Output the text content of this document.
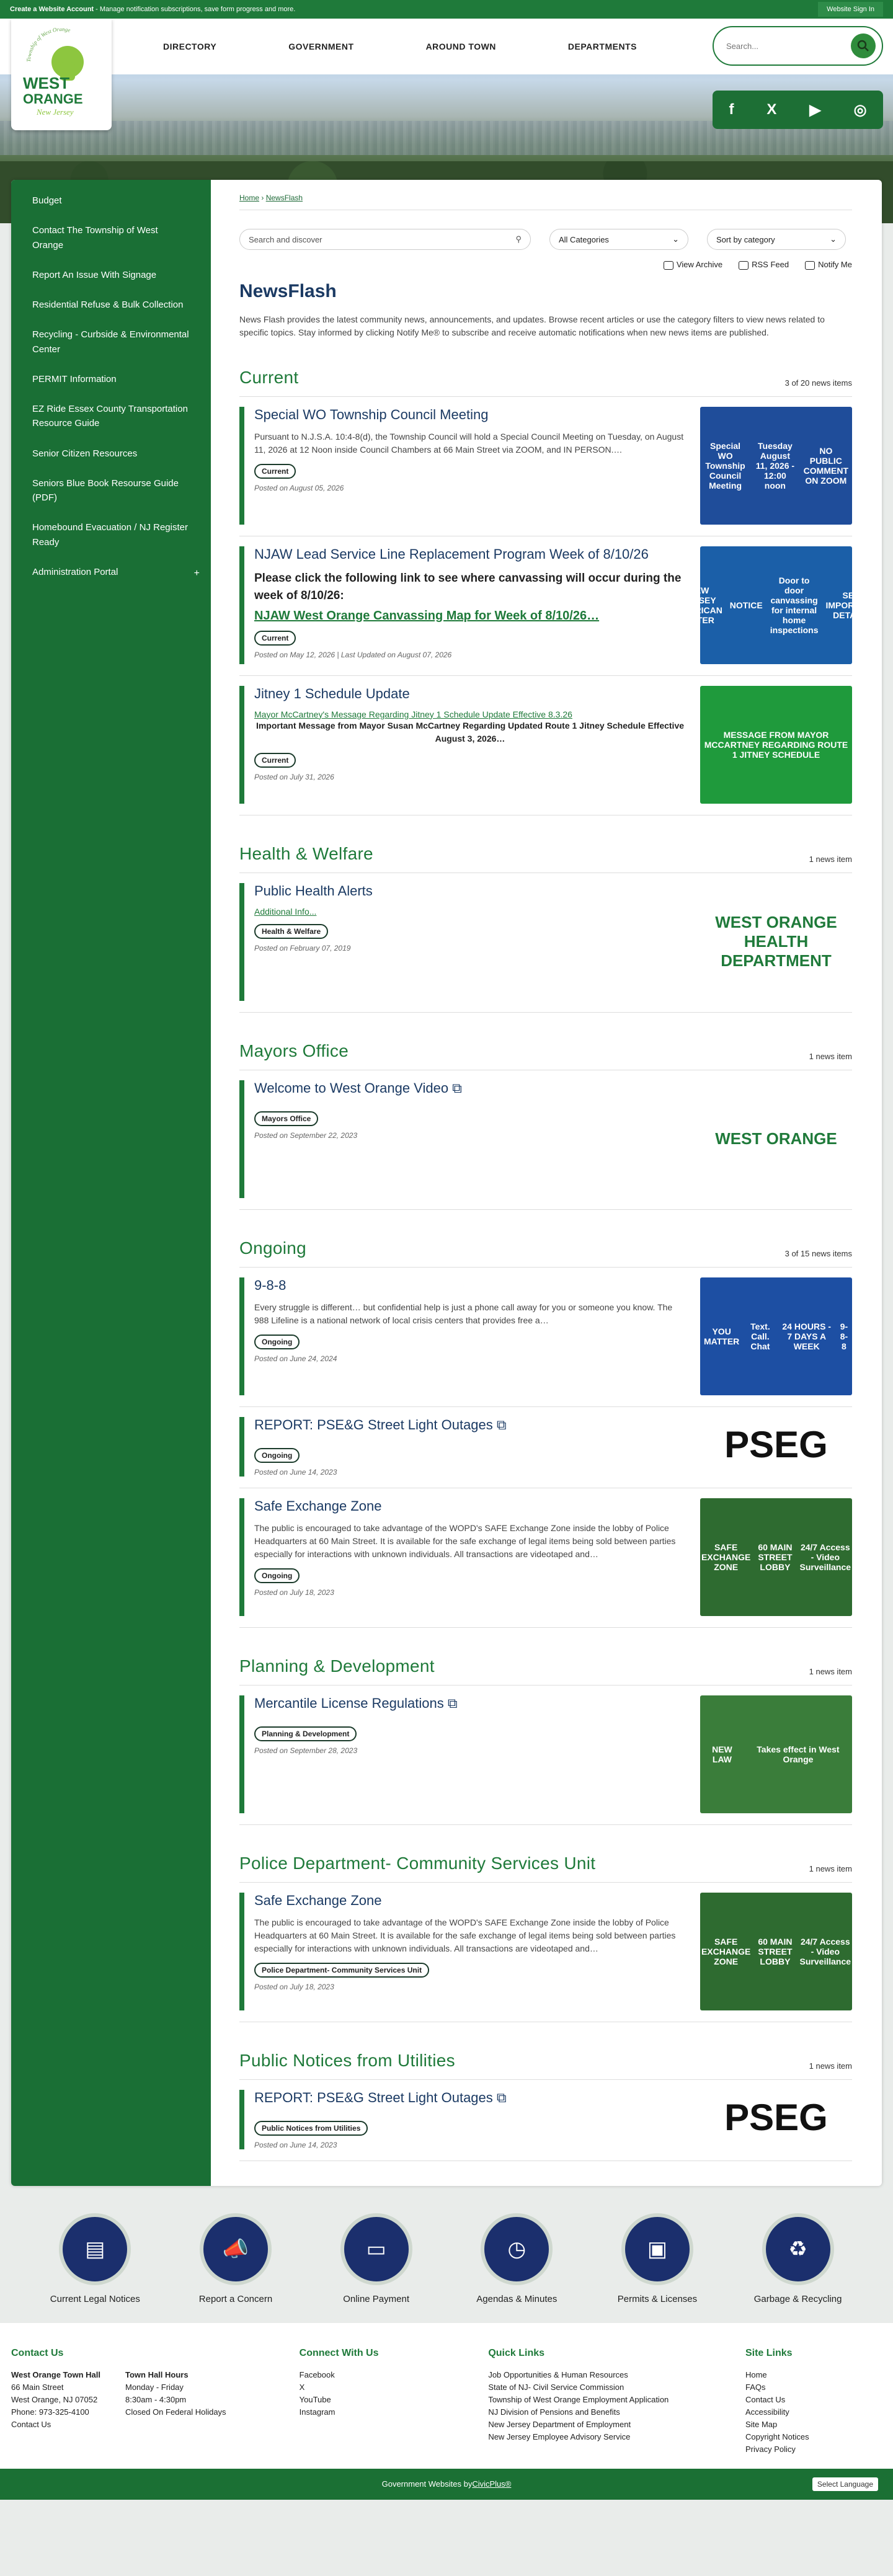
Create a Website Account - Manage notification subscriptions, save form progress and more.	Website Sign In
DIRECTORY	GOVERNMENT	AROUND TOWN	DEPARTMENTS
Township of West Orange
WEST
ORANGE
New Jersey
Search...	f X ▶ ◎
Budget
Contact The Township of West Orange
Report An Issue With Signage
Residential Refuse & Bulk Collection
Recycling - Curbside & Environmental Center
PERMIT Information
EZ Ride Essex County Transportation Resource Guide
Senior Citizen Resources
Seniors Blue Book Resourse Guide (PDF)
Homebound Evacuation / NJ Register Ready
Administration Portal	+
Home › NewsFlash
Search and discover	⚲	All Categories	⌄	Sort by category	⌄
View Archive	RSS Feed	Notify Me
NewsFlash

News Flash provides the latest community news, announcements, and updates. Browse recent articles or use the category filters to view news related to specific topics. Stay informed by clicking Notify Me® to subscribe and receive automatic notifications when new news items are published.

Current	3 of 20 news items
Special WO Township Council Meeting
Pursuant to N.J.S.A. 10:4-8(d), the Township Council will hold a Special Council Meeting on Tuesday, on August 11, 2026 at 12 Noon inside Council Chambers at 66 Main Street via ZOOM, and IN PERSON.…
Current
Posted on August 05, 2026
Special WO Township Council Meeting
Tuesday August 11, 2026 - 12:00 noon
NO PUBLIC COMMENT ON ZOOM
NJAW Lead Service Line Replacement Program Week of 8/10/26
Please click the following link to see where canvassing will occur during the week of 8/10/26:
NJAW West Orange Canvassing Map for Week of 8/10/26…
Current
Posted on May 12, 2026 | Last Updated on August 07, 2026
NEW JERSEY AMERICAN WATER
NOTICE
Door to door canvassing for internal home inspections
SEE IMPORTANT DETAILS
Jitney 1 Schedule Update
Mayor McCartney's Message Regarding Jitney 1 Schedule Update Effective 8.3.26
Important Message from Mayor Susan McCartney Regarding Updated Route 1 Jitney Schedule Effective August 3, 2026…
Current
Posted on July 31, 2026
MESSAGE FROM MAYOR MCCARTNEY REGARDING ROUTE 1 JITNEY SCHEDULE
Health & Welfare	1 news item
Public Health Alerts
Additional Info...
Health & Welfare
Posted on February 07, 2019
WEST ORANGE HEALTH DEPARTMENT
Mayors Office	1 news item
Welcome to West Orange Video ⧉
Mayors Office
Posted on September 22, 2023	WEST ORANGE
Ongoing	3 of 15 news items
9-8-8
Every struggle is different… but confidential help is just a phone call away for you or someone you know. The 988 Lifeline is a national network of local crisis centers that provides free a…
Ongoing
Posted on June 24, 2024
YOU MATTER
Text. Call. Chat
24 HOURS - 7 DAYS A WEEK
9-8-8
REPORT: PSE&G Street Light Outages ⧉
Ongoing
Posted on June 14, 2023
PSEG
Safe Exchange Zone
The public is encouraged to take advantage of the WOPD's SAFE Exchange Zone inside the lobby of Police Headquarters at 60 Main Street. It is available for the safe exchange of legal items being sold between parties especially for interactions with unknown individuals. All transactions are videotaped and…
Ongoing
Posted on July 18, 2023
SAFE EXCHANGE ZONE
60 MAIN STREET LOBBY
24/7 Access - Video Surveillance
Planning & Development	1 news item
Mercantile License Regulations ⧉
Planning & Development
Posted on September 28, 2023	NEW LAW
Takes effect in West Orange
Police Department- Community Services Unit	1 news item
Safe Exchange Zone
The public is encouraged to take advantage of the WOPD's SAFE Exchange Zone inside the lobby of Police Headquarters at 60 Main Street. It is available for the safe exchange of legal items being sold between parties especially for interactions with unknown individuals. All transactions are videotaped and…
Police Department- Community Services Unit
Posted on July 18, 2023
SAFE EXCHANGE ZONE
60 MAIN STREET LOBBY
24/7 Access - Video Surveillance
Public Notices from Utilities	1 news item
REPORT: PSE&G Street Light Outages ⧉
Public Notices from Utilities
Posted on June 14, 2023
PSEG
▤
Current Legal Notices
📣
Report a Concern
▭
Online Payment
◷
Agendas & Minutes
▣
Permits & Licenses
♻
Garbage & Recycling
Contact Us

West Orange Town Hall

66 Main Street

West Orange, NJ 07052

Phone: 973-325-4100

Contact Us

Town Hall Hours

Monday - Friday

8:30am - 4:30pm

Closed On Federal Holidays

Connect With Us
Facebook
X
YouTube
Instagram
Quick Links
Job Opportunities & Human Resources
State of NJ- Civil Service Commission
Township of West Orange Employment Application
NJ Division of Pensions and Benefits
New Jersey Department of Employment
New Jersey Employee Advisory Service
Site Links
Home
FAQs
Contact Us
Accessibility
Site Map
Copyright Notices
Privacy Policy
Government Websites by CivicPlus®	Select Language
